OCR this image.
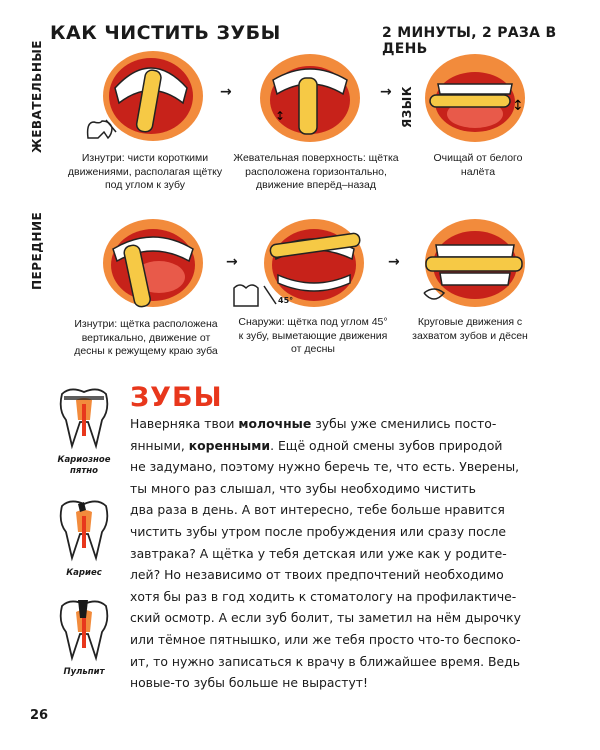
КАК ЧИСТИТЬ ЗУБЫ	2 МИНУТЫ, 2 РАЗА В ДЕНЬ
ЖЕВАТЕЛЬНЫЕ	ЯЗЫК
ПЕРЕДНИЕ
→
↕
→
↕
Изнутри: чисти короткими движениями, располагая щётку под углом к зубу
Жевательная поверхность: щётка расположена горизонтально, движение вперёд–назад
Очищай от белого налёта
→
45°
→
Изнутри: щётка расположена вертикально, движение от десны к режущему краю зуба
Снаружи: щётка под углом 45° к зубу, выметающие движения от десны
Круговые движения с захватом зубов и дёсен
Кариозное пятно
Кариес
Пульпит
ЗУБЫ

Наверняка твои молочные зубы уже сменились посто-

янными, коренными. Ещё одной смены зубов природой

не задумано, поэтому нужно беречь те, что есть. Уверены,

ты много раз слышал, что зубы необходимо чистить

два раза в день. А вот интересно, тебе больше нравится

чистить зубы утром после пробуждения или сразу после

завтрака? А щётка у тебя детская или уже как у родите-

лей? Но независимо от твоих предпочтений необходимо

хотя бы раз в год ходить к стоматологу на профилактиче-

ский осмотр. А если зуб болит, ты заметил на нём дырочку

или тёмное пятнышко, или же тебя просто что-то беспоко-

ит, то нужно записаться к врачу в ближайшее время. Ведь

новые-то зубы больше не вырастут!

26
